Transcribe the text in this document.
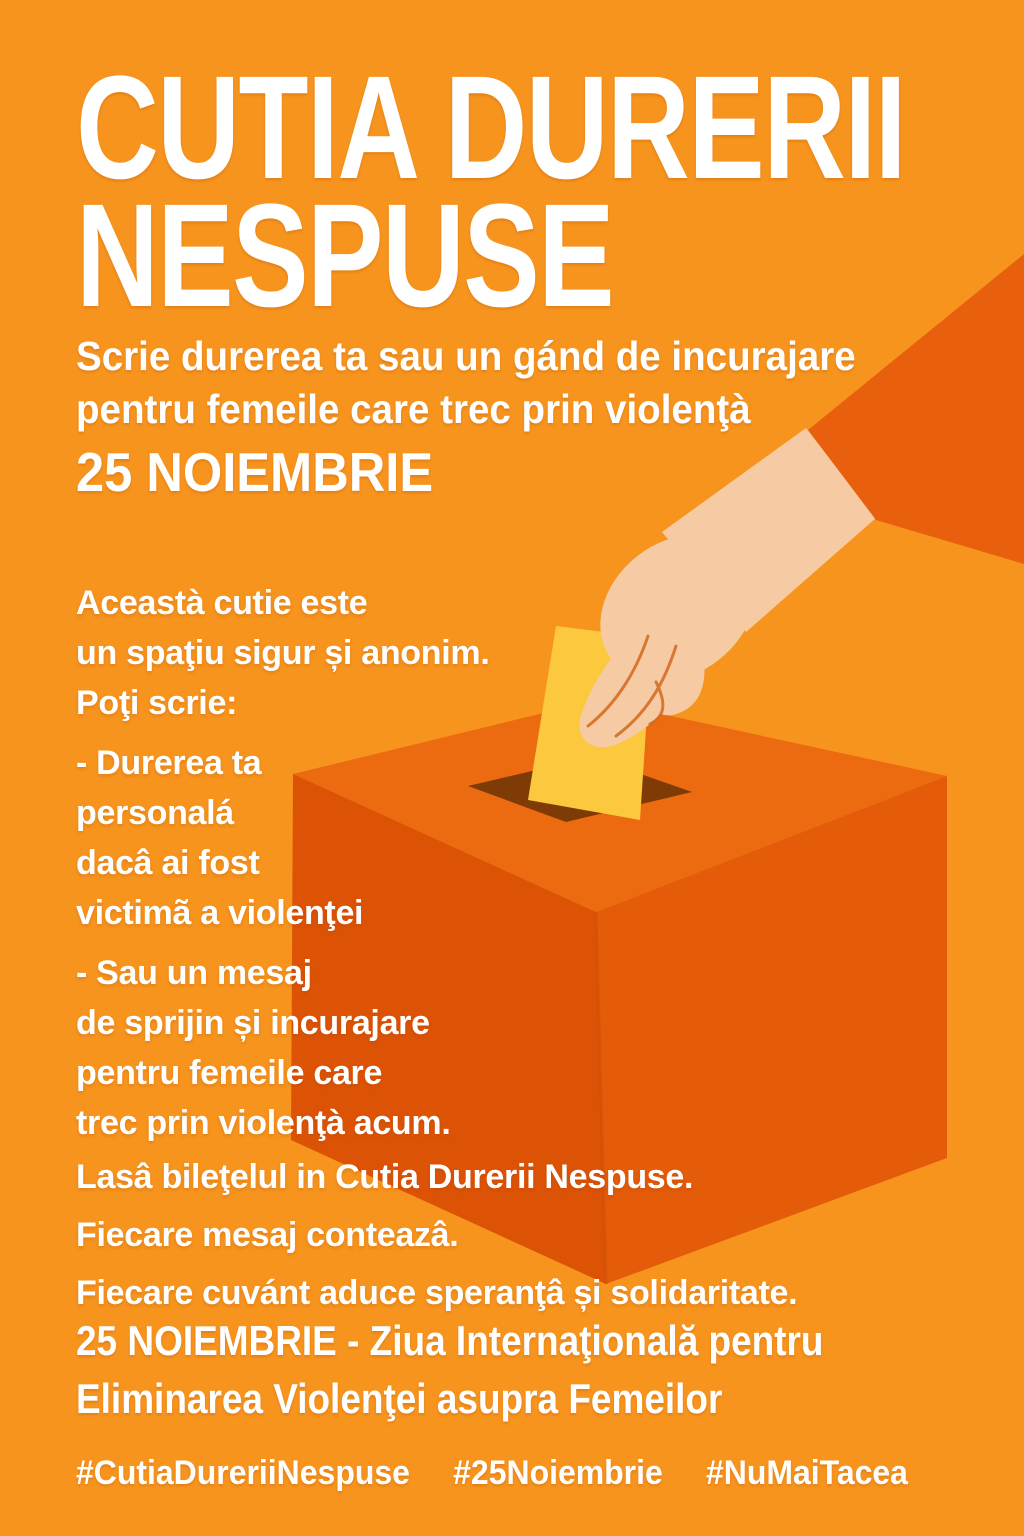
CUTIA DURERII
NESPUSE
Scrie durerea ta sau un gánd de incurajare
pentru femeile care trec prin violenţà
25 NOIEMBRIE
Aceastà cutie este
un spaţiu sigur și anonim.
Poţi scrie:
- Durerea ta
personalá
dacâ ai fost
victimã a violenţei
- Sau un mesaj
de sprijin și incurajare
pentru femeile care
trec prin violenţà acum.
Lasâ bileţelul in Cutia Durerii Nespuse.
Fiecare mesaj conteazâ.
Fiecare cuvánt aduce speranţâ și solidaritate.
25 NOIEMBRIE - Ziua Internaţională pentru
Eliminarea Violenţei asupra Femeilor
#CutiaDureriiNespuse #25Noiembrie #NuMaiTacea
